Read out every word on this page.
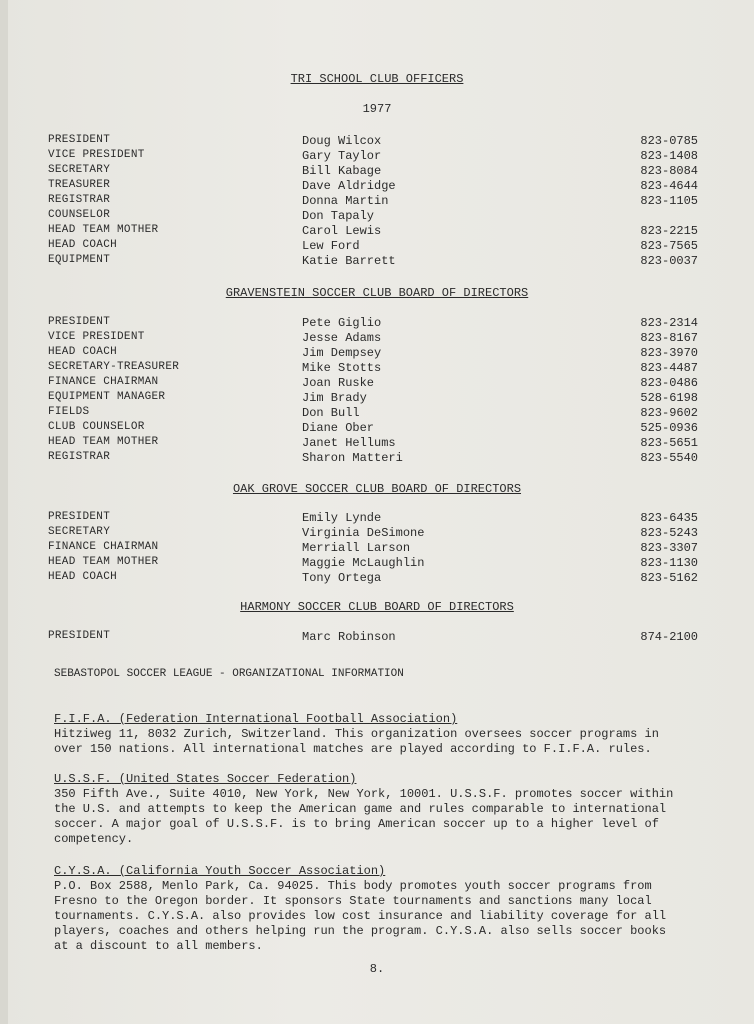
TRI SCHOOL CLUB OFFICERS
1977
PRESIDENT	Doug Wilcox	823-0785
VICE PRESIDENT	Gary Taylor	823-1408
SECRETARY	Bill Kabage	823-8084
TREASURER	Dave Aldridge	823-4644
REGISTRAR	Donna Martin	823-1105
COUNSELOR	Don Tapaly
HEAD TEAM MOTHER	Carol Lewis	823-2215
HEAD COACH	Lew Ford	823-7565
EQUIPMENT	Katie Barrett	823-0037
GRAVENSTEIN SOCCER CLUB BOARD OF DIRECTORS
PRESIDENT	Pete Giglio	823-2314
VICE PRESIDENT	Jesse Adams	823-8167
HEAD COACH	Jim Dempsey	823-3970
SECRETARY-TREASURER	Mike Stotts	823-4487
FINANCE CHAIRMAN	Joan Ruske	823-0486
EQUIPMENT MANAGER	Jim Brady	528-6198
FIELDS	Don Bull	823-9602
CLUB COUNSELOR	Diane Ober	525-0936
HEAD TEAM MOTHER	Janet Hellums	823-5651
REGISTRAR	Sharon Matteri	823-5540
OAK GROVE SOCCER CLUB BOARD OF DIRECTORS
PRESIDENT	Emily Lynde	823-6435
SECRETARY	Virginia DeSimone	823-5243
FINANCE CHAIRMAN	Merriall Larson	823-3307
HEAD TEAM MOTHER	Maggie McLaughlin	823-1130
HEAD COACH	Tony Ortega	823-5162
HARMONY SOCCER CLUB BOARD OF DIRECTORS
PRESIDENT	Marc Robinson	874-2100
SEBASTOPOL SOCCER LEAGUE - ORGANIZATIONAL INFORMATION
F.I.F.A. (Federation International Football Association)
Hitziweg 11, 8032 Zurich, Switzerland. This organization oversees soccer programs in
over 150 nations. All international matches are played according to F.I.F.A. rules.
U.S.S.F. (United States Soccer Federation)
350 Fifth Ave., Suite 4010, New York, New York, 10001. U.S.S.F. promotes soccer within
the U.S. and attempts to keep the American game and rules comparable to international
soccer. A major goal of U.S.S.F. is to bring American soccer up to a higher level of
competency.
C.Y.S.A. (California Youth Soccer Association)
P.O. Box 2588, Menlo Park, Ca. 94025. This body promotes youth soccer programs from
Fresno to the Oregon border. It sponsors State tournaments and sanctions many local
tournaments. C.Y.S.A. also provides low cost insurance and liability coverage for all
players, coaches and others helping run the program. C.Y.S.A. also sells soccer books
at a discount to all members.
8.
